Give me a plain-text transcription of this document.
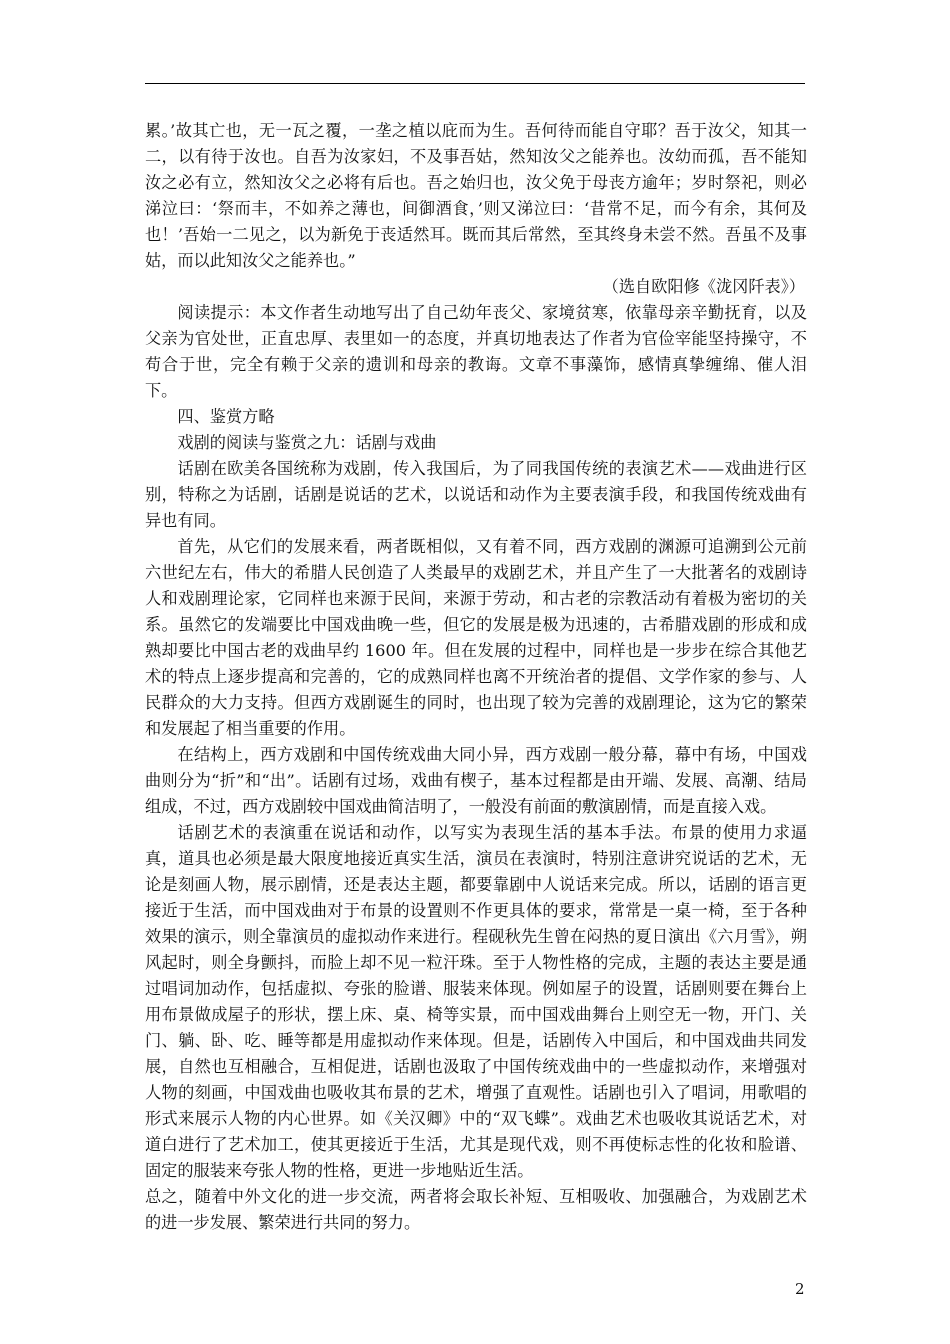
累。’故其亡也，无一瓦之覆，一垄之植以庇而为生。吾何待而能自守耶？吾于汝父，知其一二，以有待于汝也。自吾为汝家妇，不及事吾姑，然知汝父之能养也。汝幼而孤，吾不能知汝之必有立，然知汝父之必将有后也。吾之始归也，汝父免于母丧方逾年；岁时祭祀，则必涕泣曰：‘祭而丰，不如养之薄也，间御酒食，’则又涕泣曰：‘昔常不足，而今有余，其何及也！’吾始一二见之，以为新免于丧适然耳。既而其后常然，至其终身未尝不然。吾虽不及事姑，而以此知汝父之能养也。”

（选自欧阳修《泷冈阡表》）

阅读提示：本文作者生动地写出了自己幼年丧父、家境贫寒，依靠母亲辛勤抚育，以及父亲为官处世，正直忠厚、表里如一的态度，并真切地表达了作者为官俭宰能坚持操守，不苟合于世，完全有赖于父亲的遗训和母亲的教诲。文章不事藻饰，感情真挚缠绵、催人泪下。

四、鉴赏方略

戏剧的阅读与鉴赏之九：话剧与戏曲

话剧在欧美各国统称为戏剧，传入我国后，为了同我国传统的表演艺术——戏曲进行区别，特称之为话剧，话剧是说话的艺术，以说话和动作为主要表演手段，和我国传统戏曲有异也有同。

首先，从它们的发展来看，两者既相似，又有着不同，西方戏剧的渊源可追溯到公元前六世纪左右，伟大的希腊人民创造了人类最早的戏剧艺术，并且产生了一大批著名的戏剧诗人和戏剧理论家，它同样也来源于民间，来源于劳动，和古老的宗教活动有着极为密切的关系。虽然它的发端要比中国戏曲晚一些，但它的发展是极为迅速的，古希腊戏剧的形成和成熟却要比中国古老的戏曲早约 1600 年。但在发展的过程中，同样也是一步步在综合其他艺术的特点上逐步提高和完善的，它的成熟同样也离不开统治者的提倡、文学作家的参与、人民群众的大力支持。但西方戏剧诞生的同时，也出现了较为完善的戏剧理论，这为它的繁荣和发展起了相当重要的作用。

在结构上，西方戏剧和中国传统戏曲大同小异，西方戏剧一般分幕，幕中有场，中国戏曲则分为“折”和“出”。话剧有过场，戏曲有楔子，基本过程都是由开端、发展、高潮、结局组成，不过，西方戏剧较中国戏曲简洁明了，一般没有前面的敷演剧情，而是直接入戏。

话剧艺术的表演重在说话和动作，以写实为表现生活的基本手法。布景的使用力求逼真，道具也必须是最大限度地接近真实生活，演员在表演时，特别注意讲究说话的艺术，无论是刻画人物，展示剧情，还是表达主题，都要靠剧中人说话来完成。所以，话剧的语言更接近于生活，而中国戏曲对于布景的设置则不作更具体的要求，常常是一桌一椅，至于各种效果的演示，则全靠演员的虚拟动作来进行。程砚秋先生曾在闷热的夏日演出《六月雪》，朔风起时，则全身颤抖，而脸上却不见一粒汗珠。至于人物性格的完成，主题的表达主要是通过唱词加动作，包括虚拟、夸张的脸谱、服装来体现。例如屋子的设置，话剧则要在舞台上用布景做成屋子的形状，摆上床、桌、椅等实景，而中国戏曲舞台上则空无一物，开门、关门、躺、卧、吃、睡等都是用虚拟动作来体现。但是，话剧传入中国后，和中国戏曲共同发展，自然也互相融合，互相促进，话剧也汲取了中国传统戏曲中的一些虚拟动作，来增强对人物的刻画，中国戏曲也吸收其布景的艺术，增强了直观性。话剧也引入了唱词，用歌唱的形式来展示人物的内心世界。如《关汉卿》中的“双飞蝶”。戏曲艺术也吸收其说话艺术，对道白进行了艺术加工，使其更接近于生活，尤其是现代戏，则不再使标志性的化妆和脸谱、固定的服装来夸张人物的性格，更进一步地贴近生活。

总之，随着中外文化的进一步交流，两者将会取长补短、互相吸收、加强融合，为戏剧艺术的进一步发展、繁荣进行共同的努力。

2
